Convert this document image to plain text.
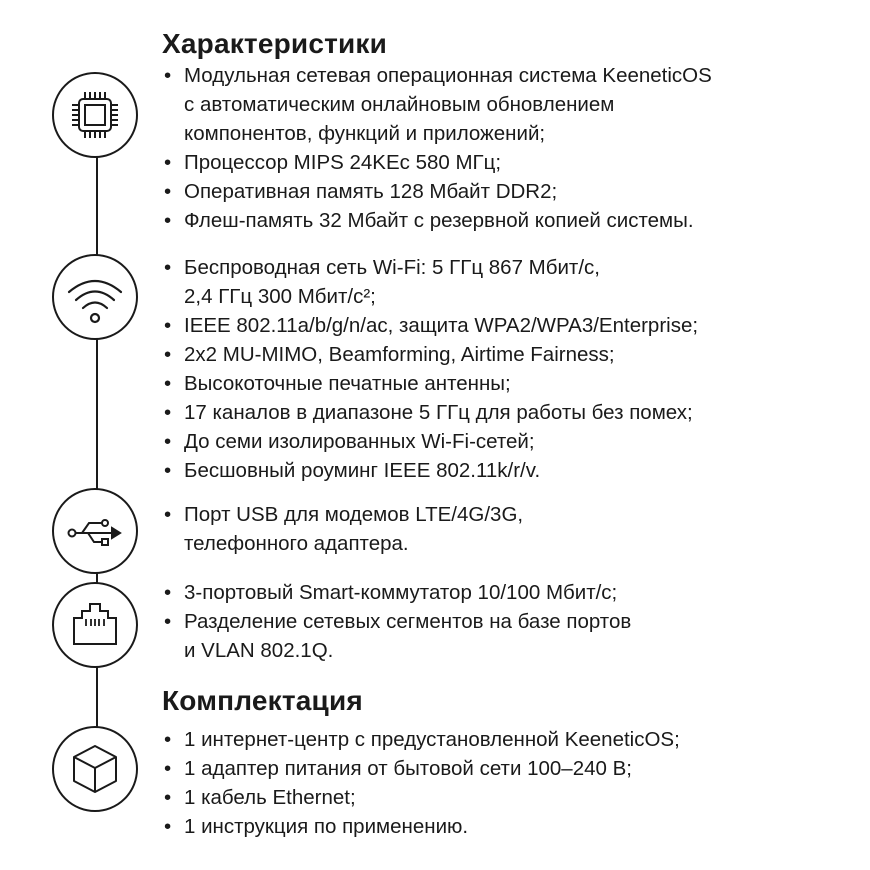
Характеристики
• Модульная сетевая операционная система KeeneticOS
с автоматическим онлайновым обновлением
компонентов, функций и приложений;
• Процессор MIPS 24KEc 580 МГц;
• Оперативная память 128 Мбайт DDR2;
• Флеш-память 32 Мбайт с резервной копией системы.
• Беспроводная сеть Wi-Fi: 5 ГГц 867 Мбит/с,
2,4 ГГц 300 Мбит/с²;
• IEEE 802.11a/b/g/n/ac, защита WPA2/WPA3/Enterprise;
• 2x2 MU-MIMO, Beamforming, Airtime Fairness;
• Высокоточные печатные антенны;
• 17 каналов в диапазоне 5 ГГц для работы без помех;
• До семи изолированных Wi-Fi-сетей;
• Бесшовный роуминг IEEE 802.11k/r/v.
• Порт USB для модемов LTE/4G/3G,
телефонного адаптера.
• 3-портовый Smart-коммутатор 10/100 Мбит/с;
• Разделение сетевых сегментов на базе портов
и VLAN 802.1Q.
Комплектация
• 1 интернет-центр с предустановленной KeeneticOS;
• 1 адаптер питания от бытовой сети 100–240 В;
• 1 кабель Ethernet;
• 1 инструкция по применению.
